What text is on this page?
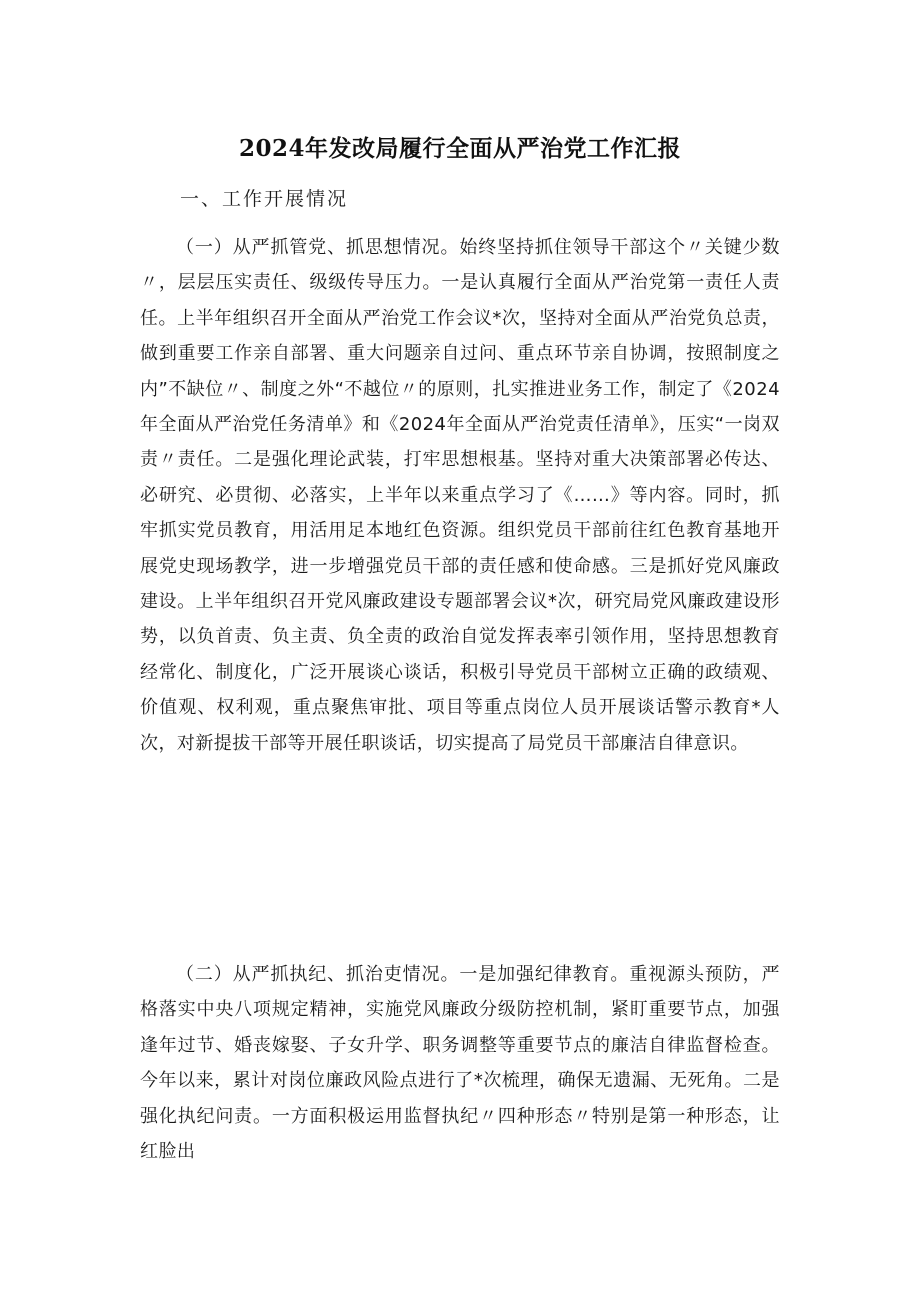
2024年发改局履行全面从严治党工作汇报
一、工作开展情况

（一）从严抓管党、抓思想情况。始终坚持抓住领导干部这个〃关键少数〃，层层压实责任、级级传导压力。一是认真履行全面从严治党第一责任人责任。上半年组织召开全面从严治党工作会议*次，坚持对全面从严治党负总责，做到重要工作亲自部署、重大问题亲自过问、重点环节亲自协调，按照制度之内”不缺位〃、制度之外“不越位〃的原则，扎实推进业务工作，制定了《2024年全面从严治党任务清单》和《2024年全面从严治党责任清单》，压实“一岗双责〃责任。二是强化理论武装，打牢思想根基。坚持对重大决策部署必传达、必研究、必贯彻、必落实，上半年以来重点学习了《……》等内容。同时，抓牢抓实党员教育，用活用足本地红色资源。组织党员干部前往红色教育基地开展党史现场教学，进一步增强党员干部的责任感和使命感。三是抓好党风廉政建设。上半年组织召开党风廉政建设专题部署会议*次，研究局党风廉政建设形势，以负首责、负主责、负全责的政治自觉发挥表率引领作用，坚持思想教育经常化、制度化，广泛开展谈心谈话，积极引导党员干部树立正确的政绩观、价值观、权利观，重点聚焦审批、项目等重点岗位人员开展谈话警示教育*人次，对新提拔干部等开展任职谈话，切实提高了局党员干部廉洁自律意识。

（二）从严抓执纪、抓治吏情况。一是加强纪律教育。重视源头预防，严格落实中央八项规定精神，实施党风廉政分级防控机制，紧盯重要节点，加强逢年过节、婚丧嫁娶、子女升学、职务调整等重要节点的廉洁自律监督检查。今年以来，累计对岗位廉政风险点进行了*次梳理，确保无遗漏、无死角。二是强化执纪问责。一方面积极运用监督执纪〃四种形态〃特别是第一种形态，让红脸出
